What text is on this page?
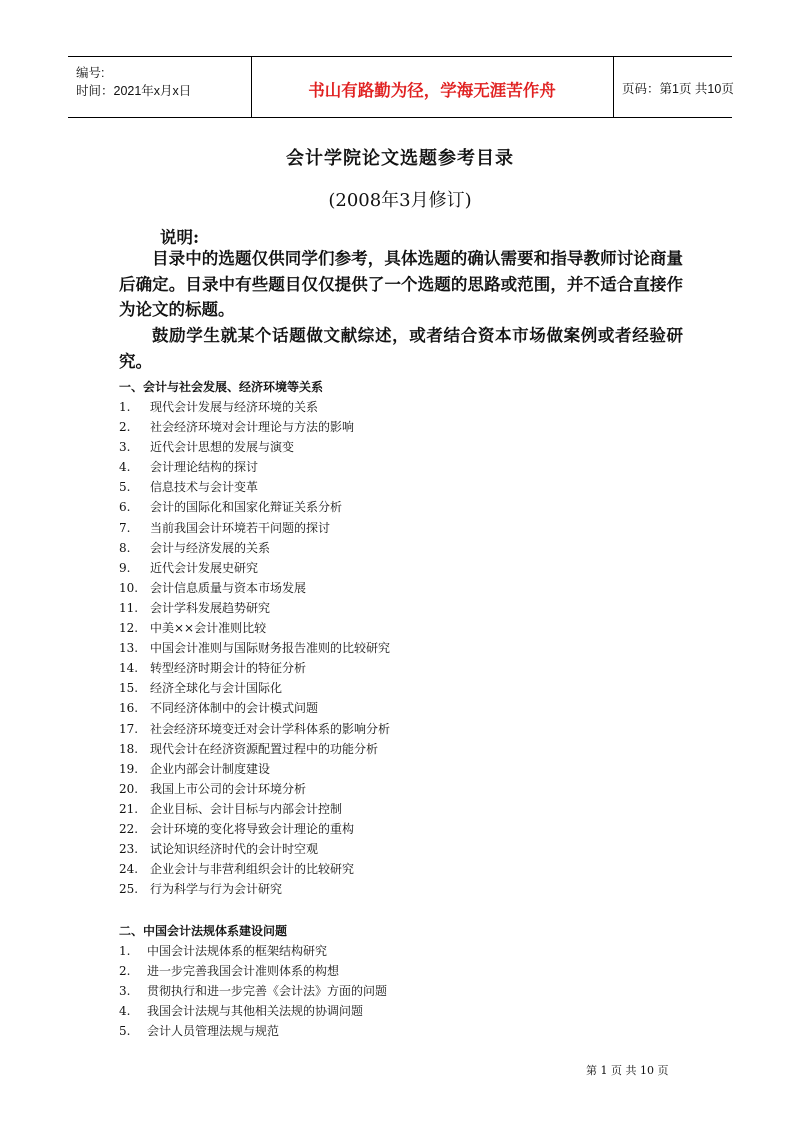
编号:
时间：2021年x月x日	书山有路勤为径，学海无涯苦作舟	页码：第1页 共10页
会计学院论文选题参考目录
(2008年3月修订)
说明:
目录中的选题仅供同学们参考，具体选题的确认需要和指导教师讨论商量后确定。目录中有些题目仅仅提供了一个选题的思路或范围，并不适合直接作为论文的标题。
鼓励学生就某个话题做文献综述，或者结合资本市场做案例或者经验研究。
一、会计与社会发展、经济环境等关系
1. 现代会计发展与经济环境的关系
2. 社会经济环境对会计理论与方法的影响
3. 近代会计思想的发展与演变
4. 会计理论结构的探讨
5. 信息技术与会计变革
6. 会计的国际化和国家化辩证关系分析
7. 当前我国会计环境若干问题的探讨
8. 会计与经济发展的关系
9. 近代会计发展史研究
10. 会计信息质量与资本市场发展
11. 会计学科发展趋势研究
12. 中美××会计准则比较
13. 中国会计准则与国际财务报告准则的比较研究
14. 转型经济时期会计的特征分析
15. 经济全球化与会计国际化
16. 不同经济体制中的会计模式问题
17. 社会经济环境变迁对会计学科体系的影响分析
18. 现代会计在经济资源配置过程中的功能分析
19. 企业内部会计制度建设
20. 我国上市公司的会计环境分析
21. 企业目标、会计目标与内部会计控制
22. 会计环境的变化将导致会计理论的重构
23. 试论知识经济时代的会计时空观
24. 企业会计与非营利组织会计的比较研究
25. 行为科学与行为会计研究
二、中国会计法规体系建设问题
1. 中国会计法规体系的框架结构研究
2. 进一步完善我国会计准则体系的构想
3. 贯彻执行和进一步完善《会计法》方面的问题
4. 我国会计法规与其他相关法规的协调问题
5. 会计人员管理法规与规范
第 1 页 共 10 页
